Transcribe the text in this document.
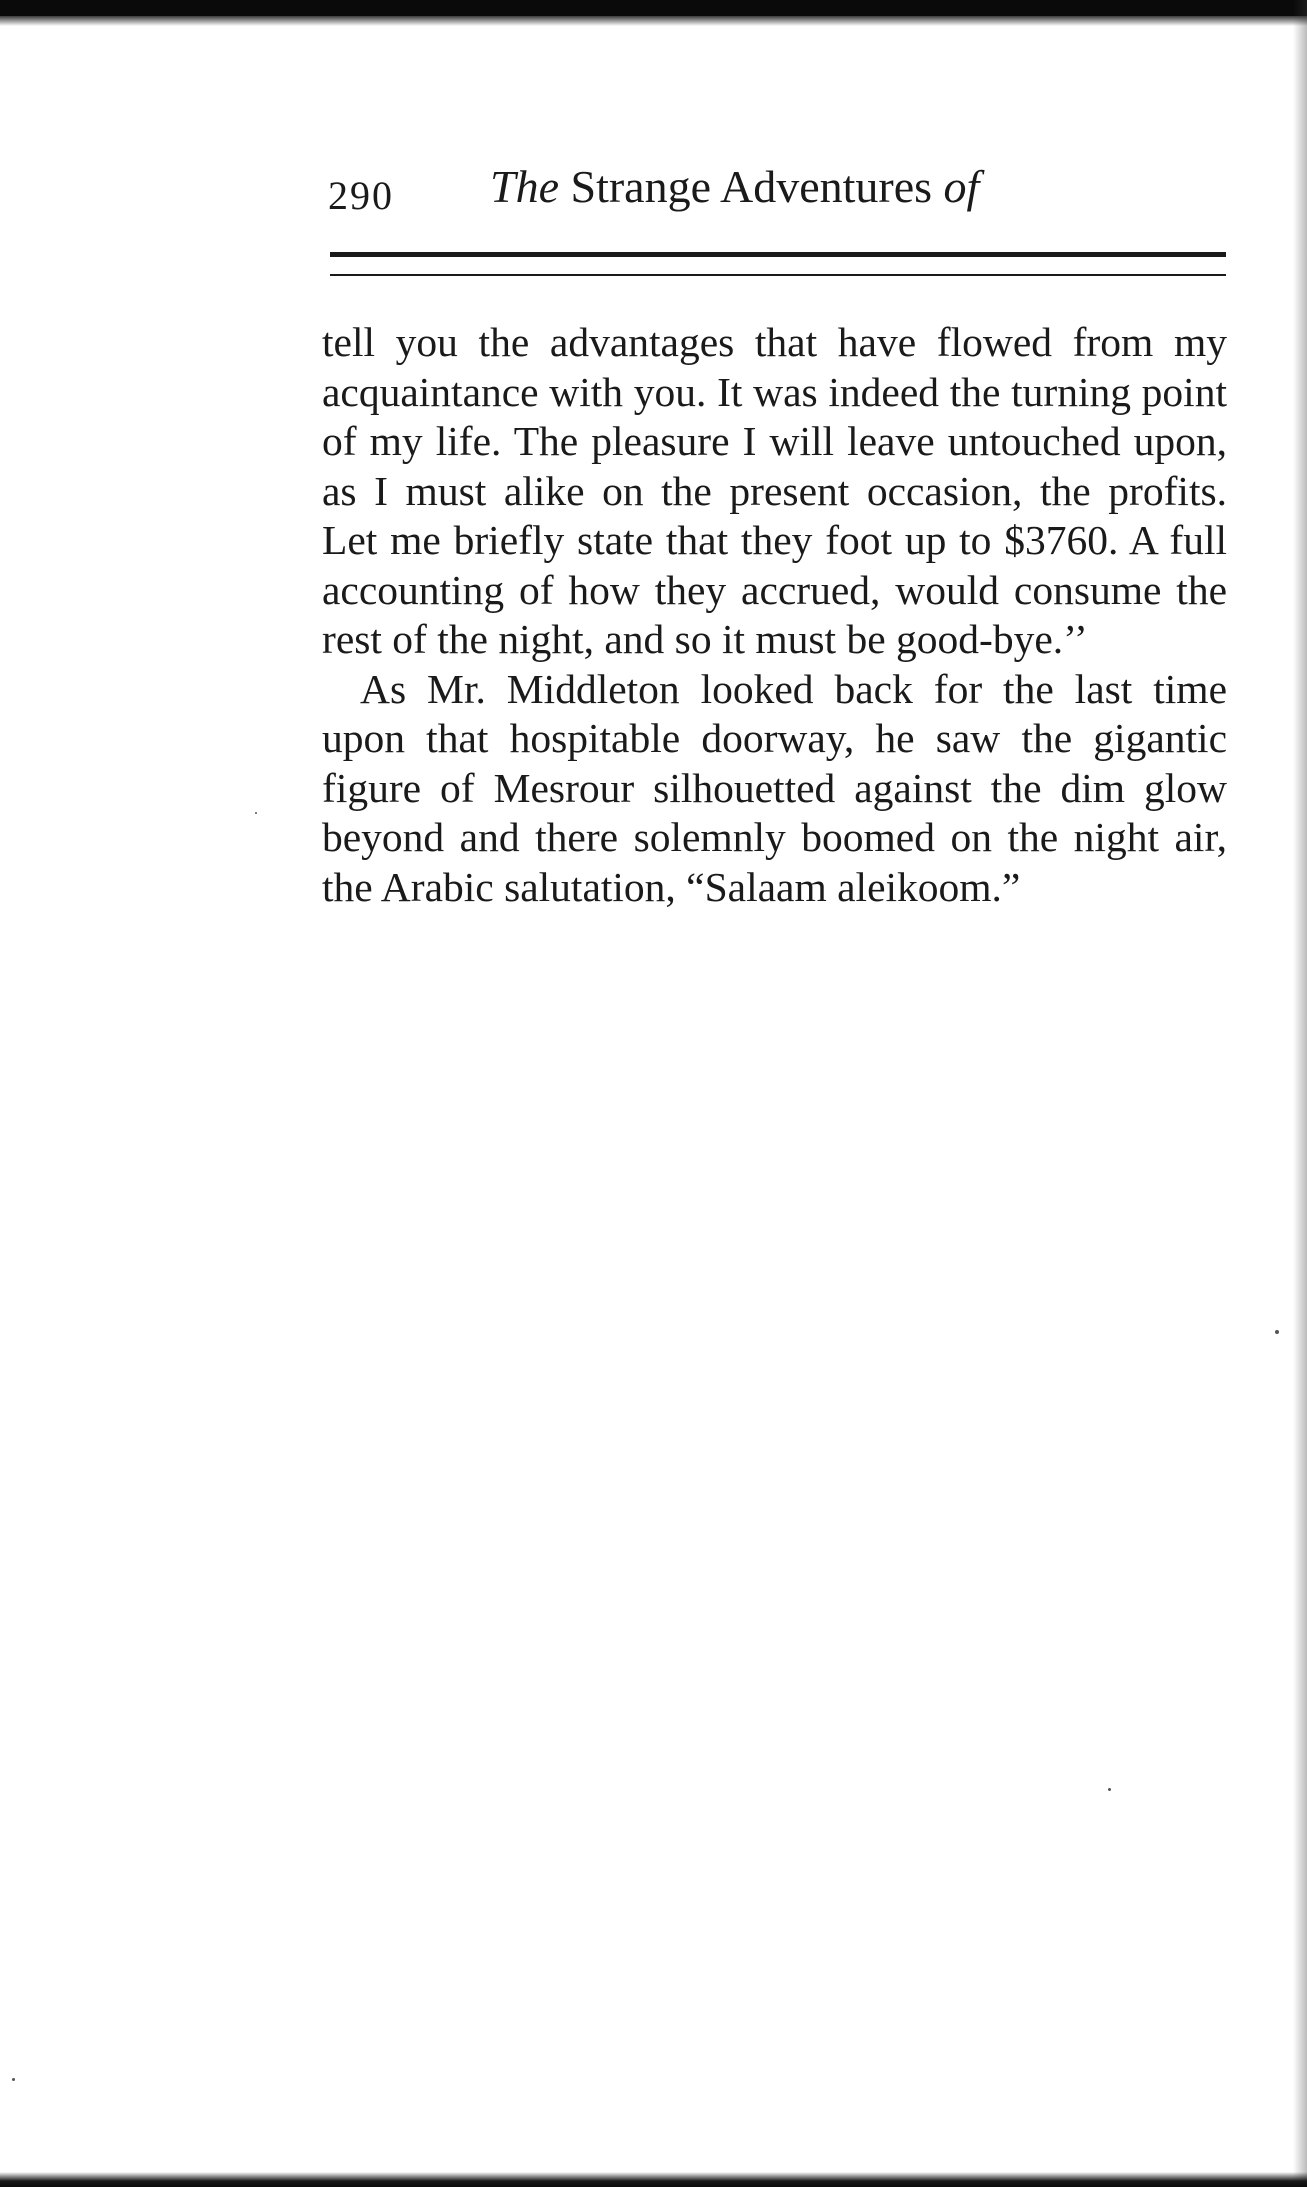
290 The Strange Adventures of

tell you the advantages that have flowed from my acquaintance with you. It was indeed the turning point of my life. The pleasure I will leave untouched upon, as I must alike on the present occasion, the profits. Let me briefly state that they foot up to $3760. A full accounting of how they accrued, would consume the rest of the night, and so it must be good-bye.’’

As Mr. Middleton looked back for the last time upon that hospitable doorway, he saw the gigantic figure of Mesrour silhouetted against the dim glow beyond and there solemnly boomed on the night air, the Arabic salutation, “Salaam aleikoom.”
